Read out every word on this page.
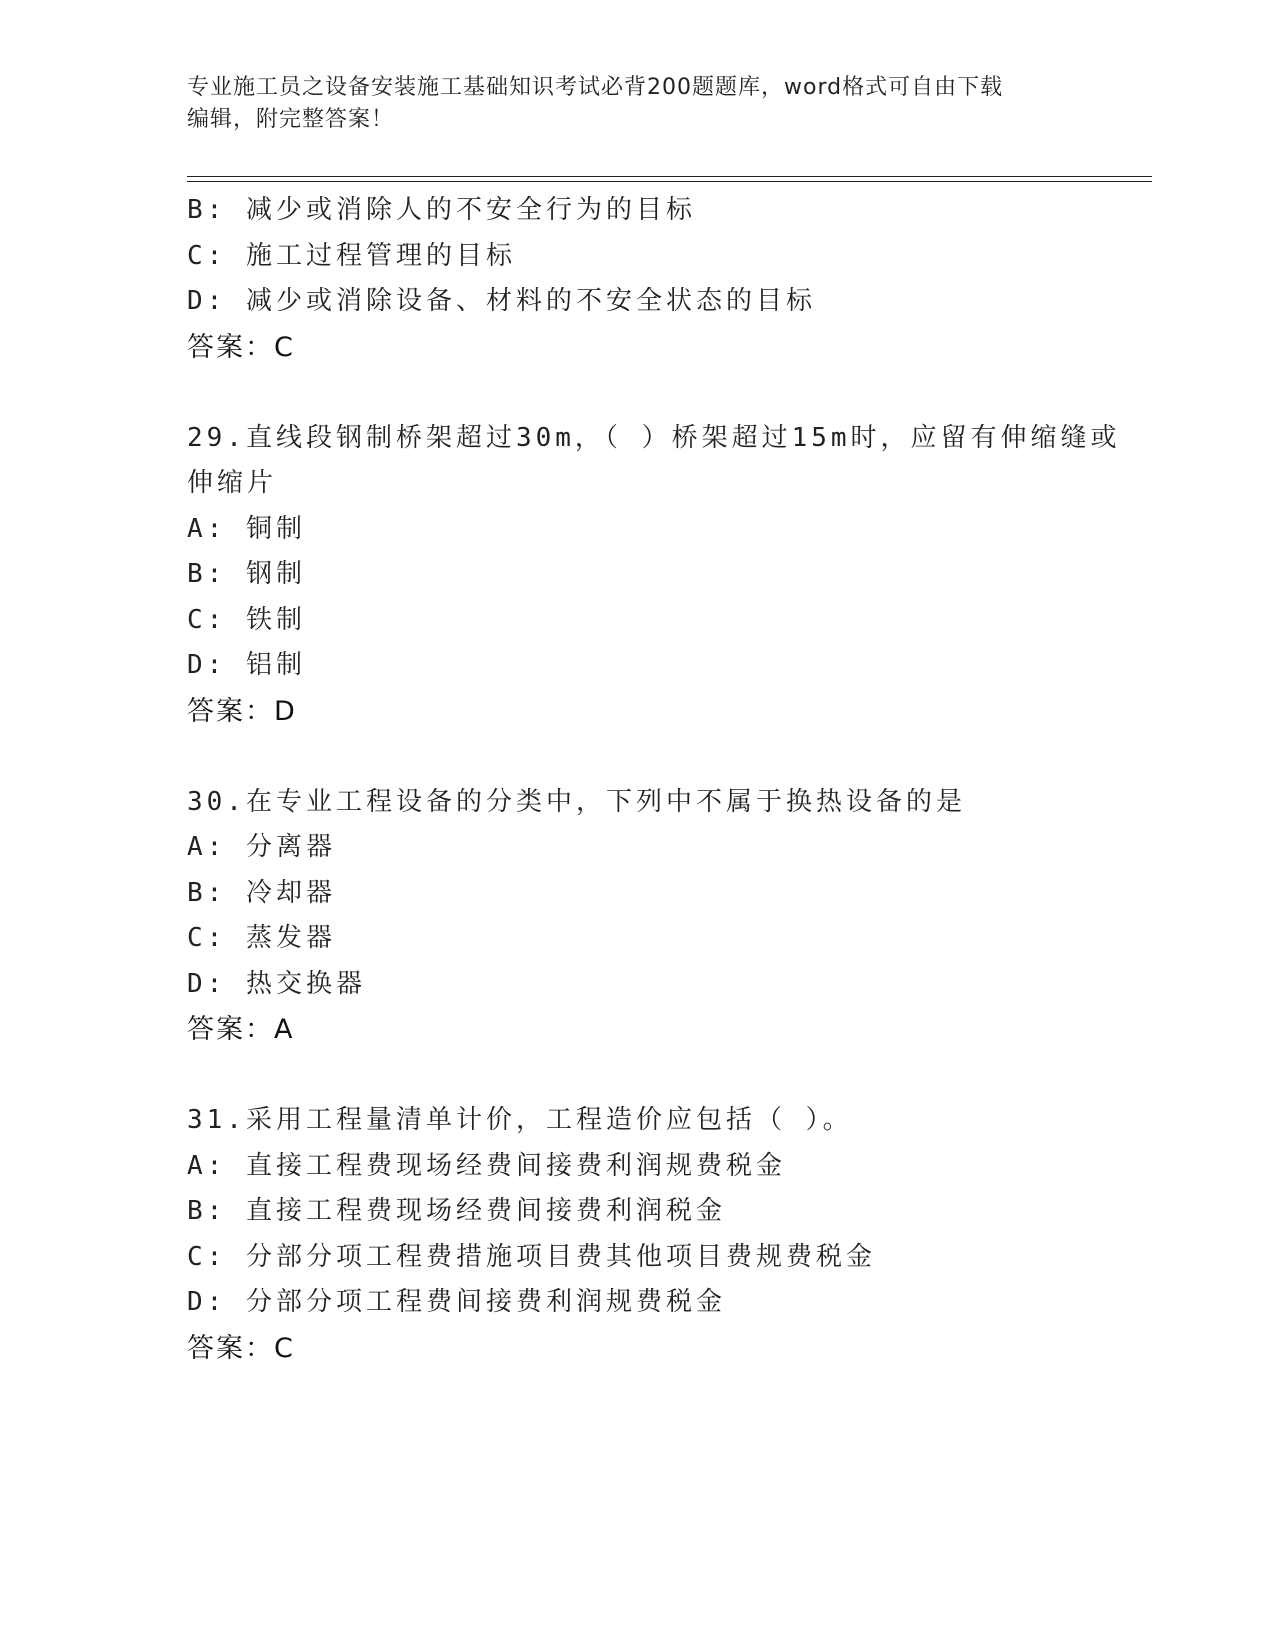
专业施工员之设备安装施工基础知识考试必背200题题库，word格式可自由下载
编辑，附完整答案！
B: 减少或消除人的不安全行为的目标
C: 施工过程管理的目标
D: 减少或消除设备、材料的不安全状态的目标
答案：C
29.直线段钢制桥架超过30m，（ ）桥架超过15m时，应留有伸缩缝或
伸缩片
A: 铜制
B: 钢制
C: 铁制
D: 铝制
答案：D
30.在专业工程设备的分类中，下列中不属于换热设备的是
A: 分离器
B: 冷却器
C: 蒸发器
D: 热交换器
答案：A
31.采用工程量清单计价，工程造价应包括（ ）。
A: 直接工程费现场经费间接费利润规费税金
B: 直接工程费现场经费间接费利润税金
C: 分部分项工程费措施项目费其他项目费规费税金
D: 分部分项工程费间接费利润规费税金
答案：C
